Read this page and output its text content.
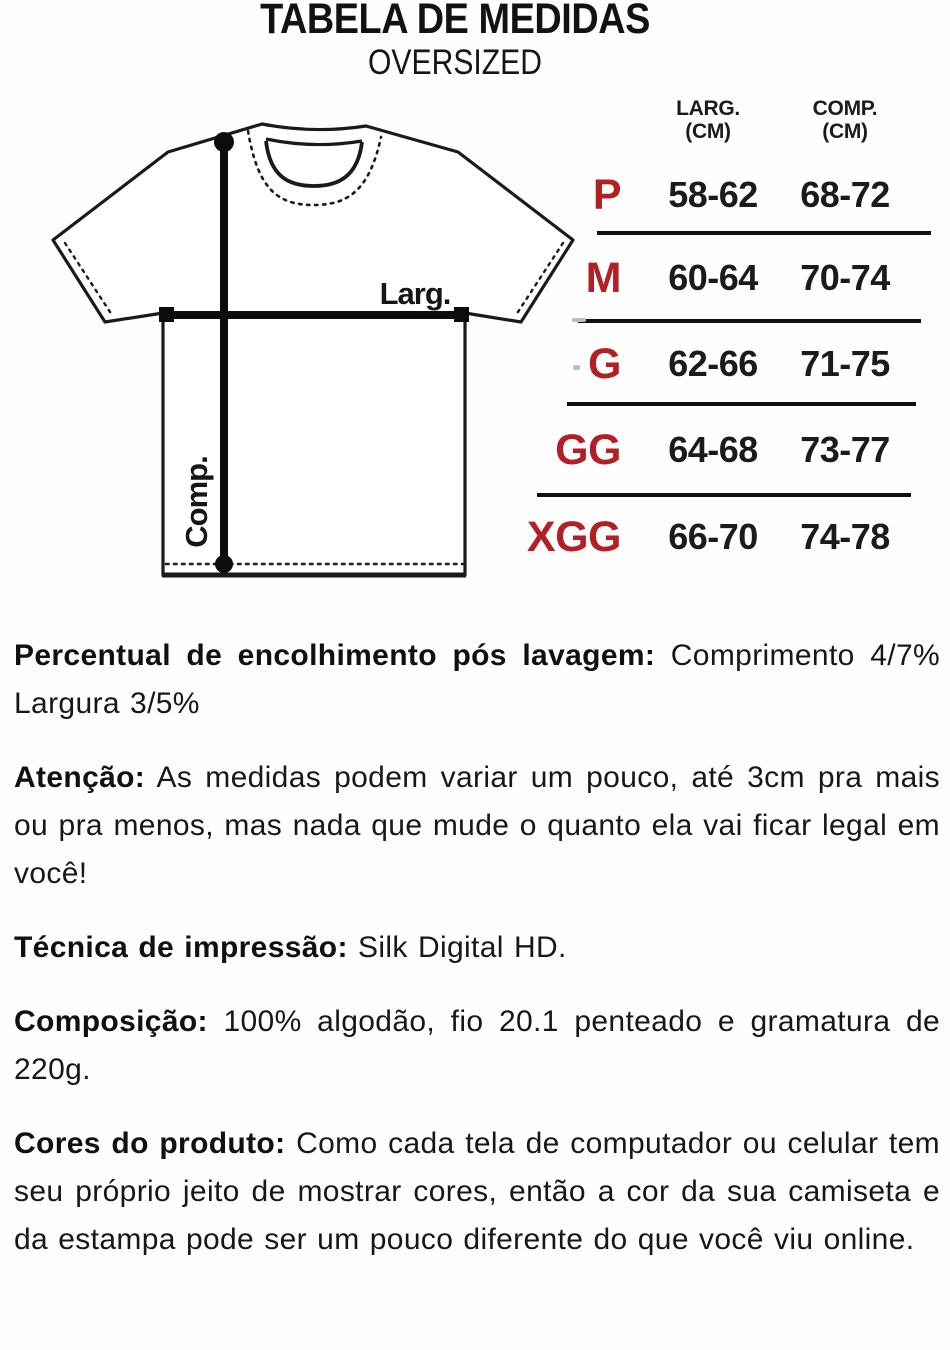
TABELA DE MEDIDAS
OVERSIZED
Larg.
Comp.
LARG.
(CM)
COMP.
(CM)
P	58-62	68-72
M	60-64	70-74
G	62-66	71-75
GG	64-68	73-77
XGG	66-70	74-78

Percentual de encolhimento pós lavagem: Comprimento 4/7% Largura 3/5%

Atenção: As medidas podem variar um pouco, até 3cm pra mais ou pra menos, mas nada que mude o quanto ela vai ficar legal em você!

Técnica de impressão: Silk Digital HD.

Composição: 100% algodão, fio 20.1 penteado e gramatura de 220g.

Cores do produto: Como cada tela de computador ou celular tem seu próprio jeito de mostrar cores, então a cor da sua camiseta e da estampa pode ser um pouco diferente do que você viu online.
